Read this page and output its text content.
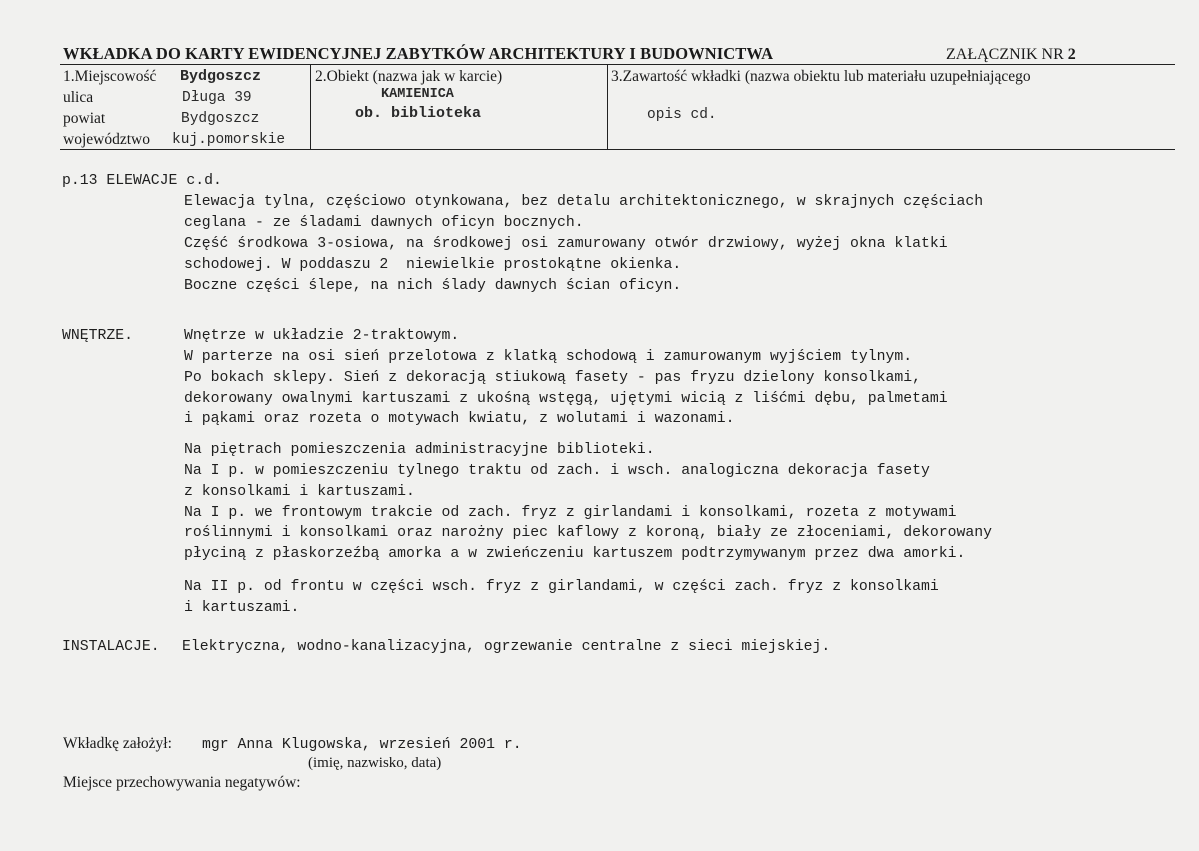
WKŁADKA DO KARTY EWIDENCYJNEJ ZABYTKÓW ARCHITEKTURY I BUDOWNICTWA	ZAŁĄCZNIK NR 2
1.Miejscowość Bydgoszcz
ulica	Długa 39
powiat	Bydgoszcz
województwo kuj.pomorskie
2.Obiekt (nazwa jak w karcie)
KAMIENICA
ob. biblioteka
3.Zawartość wkładki (nazwa obiektu lub materiału uzupełniającego
opis cd.
p.13 ELEWACJE c.d.
Elewacja tylna, częściowo otynkowana, bez detalu architektonicznego, w skrajnych częściach
ceglana - ze śladami dawnych oficyn bocznych.
Część środkowa 3-osiowa, na środkowej osi zamurowany otwór drzwiowy, wyżej okna klatki
schodowej. W poddaszu 2  niewielkie prostokątne okienka.
Boczne części ślepe, na nich ślady dawnych ścian oficyn.
WNĘTRZE.	Wnętrze w układzie 2-traktowym.
W parterze na osi sień przelotowa z klatką schodową i zamurowanym wyjściem tylnym.
Po bokach sklepy. Sień z dekoracją stiukową fasety - pas fryzu dzielony konsolkami,
dekorowany owalnymi kartuszami z ukośną wstęgą, ujętymi wicią z liśćmi dębu, palmetami
i pąkami oraz rozeta o motywach kwiatu, z wolutami i wazonami.
Na piętrach pomieszczenia administracyjne biblioteki.
Na I p. w pomieszczeniu tylnego traktu od zach. i wsch. analogiczna dekoracja fasety
z konsolkami i kartuszami.
Na I p. we frontowym trakcie od zach. fryz z girlandami i konsolkami, rozeta z motywami
roślinnymi i konsolkami oraz narożny piec kaflowy z koroną, biały ze złoceniami, dekorowany
płyciną z płaskorzeźbą amorka a w zwieńczeniu kartuszem podtrzymywanym przez dwa amorki.
Na II p. od frontu w części wsch. fryz z girlandami, w części zach. fryz z konsolkami
i kartuszami.
INSTALACJE. Elektryczna, wodno-kanalizacyjna, ogrzewanie centralne z sieci miejskiej.
Wkładkę założył: mgr Anna Klugowska, wrzesień 2001 r.
(imię, nazwisko, data)
Miejsce przechowywania negatywów:
